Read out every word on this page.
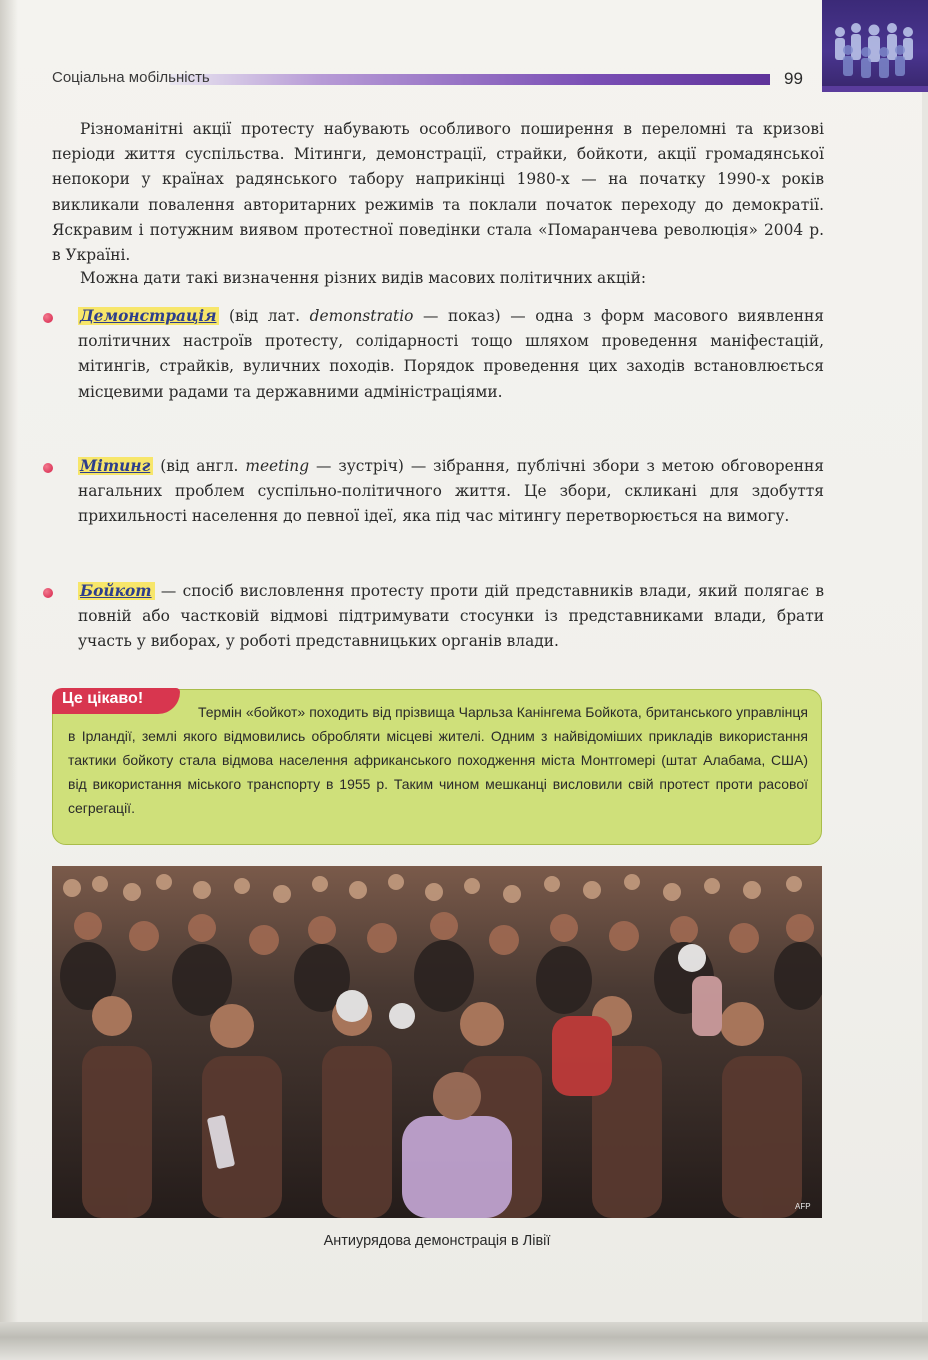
Соціальна мобільність	99
Різноманітні акції протесту набувають особливого поширення в переломні та кризові періоди життя суспільства. Мітинги, демонстрації, страйки, бойкоти, акції громадянської непокори у країнах радянського табору наприкінці 1980-х — на початку 1990-х років викликали повалення авторитарних режимів та поклали початок переходу до демократії. Яскравим і потужним виявом протестної поведінки стала «Помаранчева революція» 2004 р. в Україні.
Можна дати такі визначення різних видів масових політичних акцій:
Демонстрація (від лат. demonstratio — показ) — одна з форм масового виявлення політичних настроїв протесту, солідарності тощо шляхом проведення маніфестацій, мітингів, страйків, вуличних походів. Порядок проведення цих заходів встановлюється місцевими радами та державними адміністраціями.
Мітинг (від англ. meeting — зустріч) — зібрання, публічні збори з метою обговорення нагальних проблем суспільно-політичного життя. Це збори, скликані для здобуття прихильності населення до певної ідеї, яка під час мітингу перетворюється на вимогу.
Бойкот — спосіб висловлення протесту проти дій представників влади, який полягає в повній або частковій відмові підтримувати стосунки із представниками влади, брати участь у виборах, у роботі представницьких органів влади.
Це цікаво!
Термін «бойкот» походить від прізвища Чарльза Канінгема Бойкота, британського управлінця в Ірландії, землі якого відмовились обробляти місцеві жителі. Одним з найвідоміших прикладів використання тактики бойкоту стала відмова населення африканського походження міста Монтгомері (штат Алабама, США) від використання міського транспорту в 1955 р. Таким чином мешканці висловили свій протест проти расової сегрегації.
AFP
Антиурядова демонстрація в Лівії
